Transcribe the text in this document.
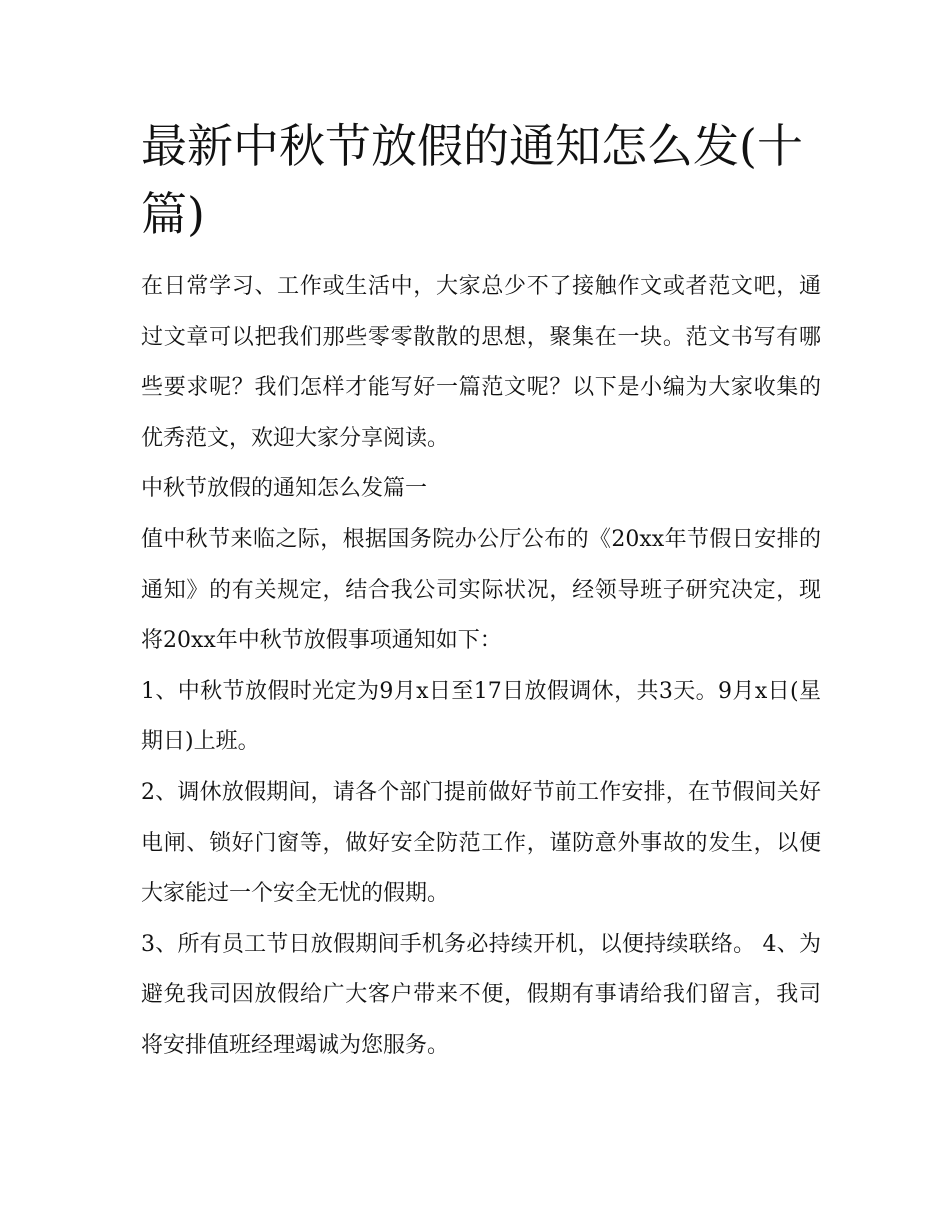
最新中秋节放假的通知怎么发(十篇)

在日常学习、工作或生活中，大家总少不了接触作文或者范文吧，通过文章可以把我们那些零零散散的思想，聚集在一块。范文书写有哪些要求呢？我们怎样才能写好一篇范文呢？以下是小编为大家收集的优秀范文，欢迎大家分享阅读。

中秋节放假的通知怎么发篇一

值中秋节来临之际，根据国务院办公厅公布的《20xx年节假日安排的通知》的有关规定，结合我公司实际状况，经领导班子研究决定，现将20xx年中秋节放假事项通知如下：

1、中秋节放假时光定为9月x日至17日放假调休，共3天。9月x日(星期日)上班。

2、调休放假期间，请各个部门提前做好节前工作安排，在节假间关好电闸、锁好门窗等，做好安全防范工作，谨防意外事故的发生，以便大家能过一个安全无忧的假期。

3、所有员工节日放假期间手机务必持续开机，以便持续联络。 4、为避免我司因放假给广大客户带来不便，假期有事请给我们留言，我司将安排值班经理竭诚为您服务。
